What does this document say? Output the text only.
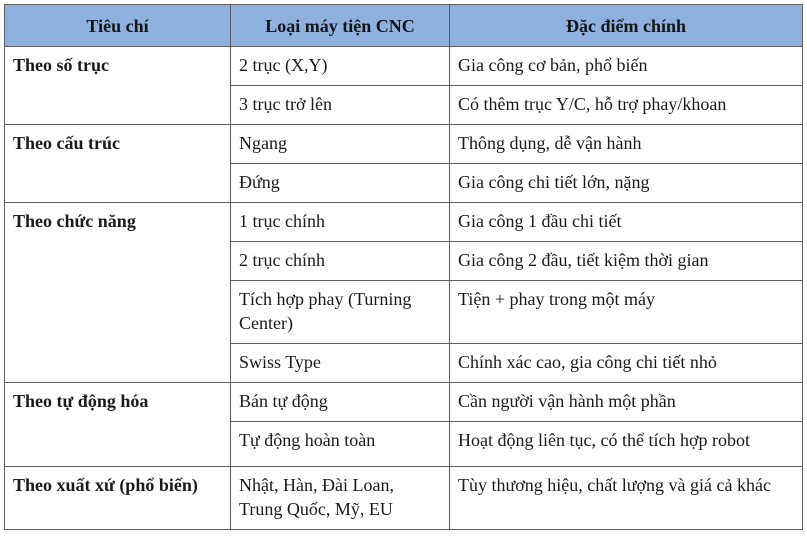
Tiêu chí	Loại máy tiện CNC	Đặc điểm chính
Theo số trục	2 trục (X,Y)	Gia công cơ bản, phổ biến
	3 trục trở lên	Có thêm trục Y/C, hỗ trợ phay/khoan
Theo cấu trúc	Ngang	Thông dụng, dễ vận hành
	Đứng	Gia công chi tiết lớn, nặng
Theo chức năng	1 trục chính	Gia công 1 đầu chi tiết
	2 trục chính	Gia công 2 đầu, tiết kiệm thời gian
	Tích hợp phay (Turning Center)	Tiện + phay trong một máy
	Swiss Type	Chính xác cao, gia công chi tiết nhỏ
Theo tự động hóa	Bán tự động	Cần người vận hành một phần
	Tự động hoàn toàn	Hoạt động liên tục, có thể tích hợp robot
Theo xuất xứ (phổ biến)	Nhật, Hàn, Đài Loan, Trung Quốc, Mỹ, EU	Tùy thương hiệu, chất lượng và giá cả khác
